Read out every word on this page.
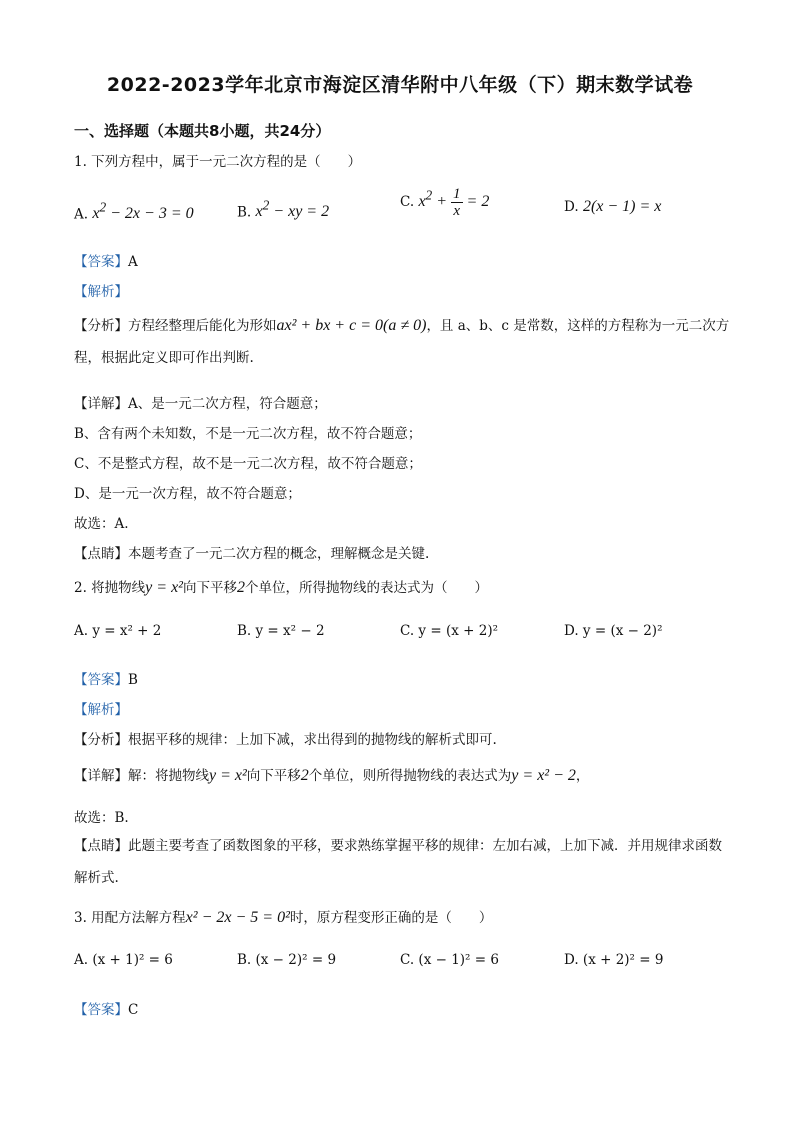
2022-2023学年北京市海淀区清华附中八年级（下）期末数学试卷
一、选择题（本题共8小题，共24分）
1. 下列方程中，属于一元二次方程的是（　　）
A. $x^2 - 2x - 3 = 0$	B. $x^2$ − xy = 2
C. $x^2 + \frac{1}{x} = 2$	D. 2(x − 1) = x
【答案】A
【解析】
【分析】方程经整理后能化为形如ax² + bx + c = 0(a ≠ 0)，且 a、b、c 是常数，这样的方程称为一元二次方程，根据此定义即可作出判断.
【详解】A、是一元二次方程，符合题意；
B、含有两个未知数，不是一元二次方程，故不符合题意；
C、不是整式方程，故不是一元二次方程，故不符合题意；
D、是一元一次方程，故不符合题意；
故选：A.
【点睛】本题考查了一元二次方程的概念，理解概念是关键.
2. 将抛物线y = x²向下平移2个单位，所得抛物线的表达式为（　　）
A. y = x² + 2	B. y = x² − 2	C. y = (x + 2)²	D. y = (x − 2)²
【答案】B
【解析】
【分析】根据平移的规律：上加下减，求出得到的抛物线的解析式即可.
【详解】解：将抛物线y = x²向下平移2个单位，则所得抛物线的表达式为y = x² − 2，
故选：B.
【点睛】此题主要考查了函数图象的平移，要求熟练掌握平移的规律：左加右减，上加下减．并用规律求函数解析式.
3. 用配方法解方程x² − 2x − 5 = 0²时，原方程变形正确的是（　　）
A. (x + 1)² = 6	B. (x − 2)² = 9	C. (x − 1)² = 6	D. (x + 2)² = 9
【答案】C
